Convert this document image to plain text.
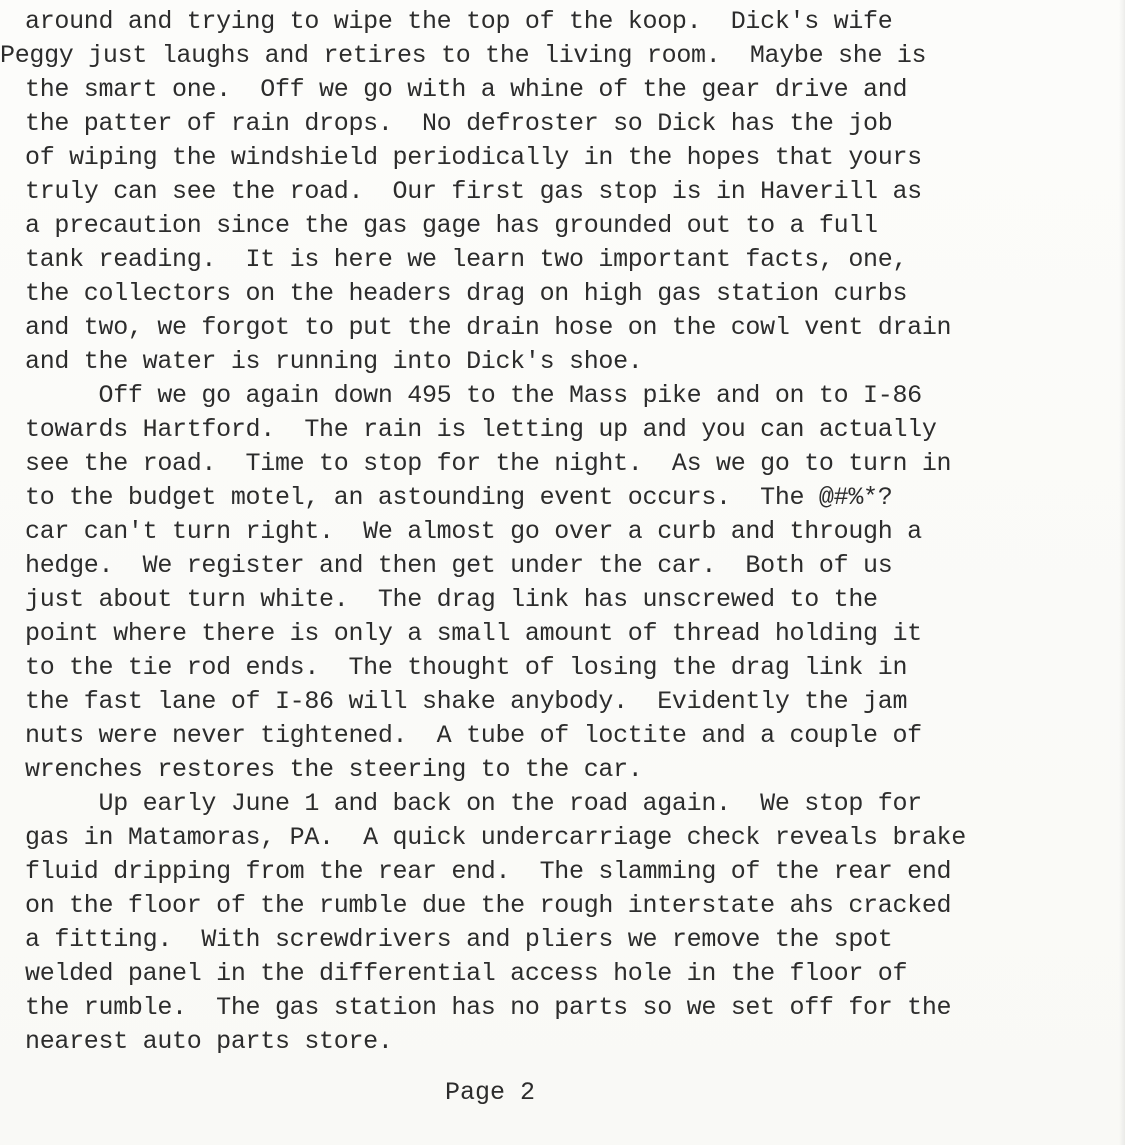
around and trying to wipe the top of the koop.  Dick's wife
Peggy just laughs and retires to the living room.  Maybe she is
the smart one.  Off we go with a whine of the gear drive and
the patter of rain drops.  No defroster so Dick has the job
of wiping the windshield periodically in the hopes that yours
truly can see the road.  Our first gas stop is in Haverill as
a precaution since the gas gage has grounded out to a full
tank reading.  It is here we learn two important facts, one,
the collectors on the headers drag on high gas station curbs
and two, we forgot to put the drain hose on the cowl vent drain
and the water is running into Dick's shoe.
Off we go again down 495 to the Mass pike and on to I-86
towards Hartford.  The rain is letting up and you can actually
see the road.  Time to stop for the night.  As we go to turn in
to the budget motel, an astounding event occurs.  The @#%*?
car can't turn right.  We almost go over a curb and through a
hedge.  We register and then get under the car.  Both of us
just about turn white.  The drag link has unscrewed to the
point where there is only a small amount of thread holding it
to the tie rod ends.  The thought of losing the drag link in
the fast lane of I-86 will shake anybody.  Evidently the jam
nuts were never tightened.  A tube of loctite and a couple of
wrenches restores the steering to the car.
Up early June 1 and back on the road again.  We stop for
gas in Matamoras, PA.  A quick undercarriage check reveals brake
fluid dripping from the rear end.  The slamming of the rear end
on the floor of the rumble due the rough interstate ahs cracked
a fitting.  With screwdrivers and pliers we remove the spot
welded panel in the differential access hole in the floor of
the rumble.  The gas station has no parts so we set off for the
nearest auto parts store.
Page 2
